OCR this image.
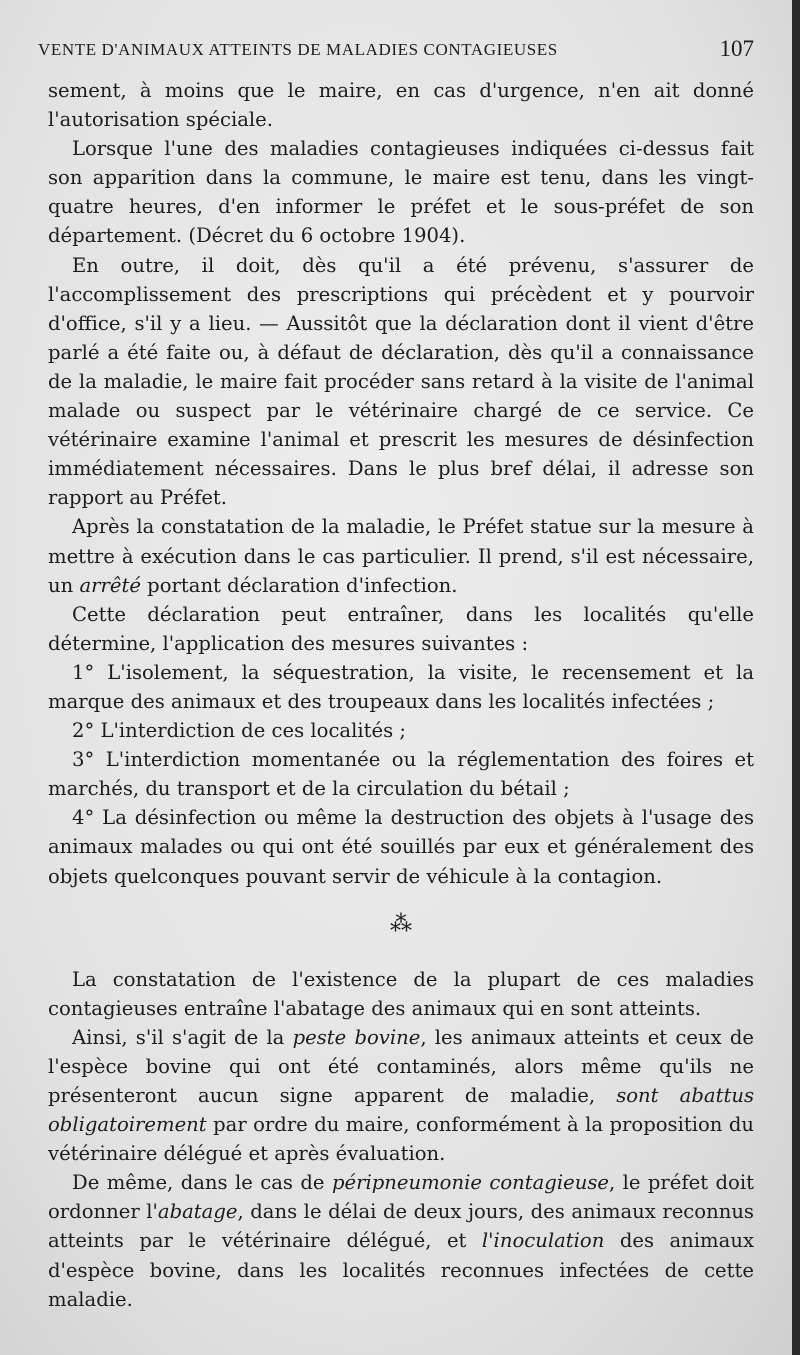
VENTE D'ANIMAUX ATTEINTS DE MALADIES CONTAGIEUSES	107

sement, à moins que le maire, en cas d'urgence, n'en ait donné l'autorisation spéciale.

Lorsque l'une des maladies contagieuses indiquées ci-dessus fait son apparition dans la commune, le maire est tenu, dans les vingt-quatre heures, d'en informer le préfet et le sous-préfet de son département. (Décret du 6 octobre 1904).

En outre, il doit, dès qu'il a été prévenu, s'assurer de l'accomplissement des prescriptions qui précèdent et y pourvoir d'office, s'il y a lieu. — Aussitôt que la déclaration dont il vient d'être parlé a été faite ou, à défaut de déclaration, dès qu'il a connaissance de la maladie, le maire fait procéder sans retard à la visite de l'animal malade ou suspect par le vétérinaire chargé de ce service. Ce vétérinaire examine l'animal et prescrit les mesures de désinfection immédiatement nécessaires. Dans le plus bref délai, il adresse son rapport au Préfet.

Après la constatation de la maladie, le Préfet statue sur la mesure à mettre à exécution dans le cas particulier. Il prend, s'il est nécessaire, un arrêté portant déclaration d'infection.

Cette déclaration peut entraîner, dans les localités qu'elle détermine, l'application des mesures suivantes :

1° L'isolement, la séquestration, la visite, le recensement et la marque des animaux et des troupeaux dans les localités infectées ;

2° L'interdiction de ces localités ;

3° L'interdiction momentanée ou la réglementation des foires et marchés, du transport et de la circulation du bétail ;

4° La désinfection ou même la destruction des objets à l'usage des animaux malades ou qui ont été souillés par eux et généralement des objets quelconques pouvant servir de véhicule à la contagion.

⁂

La constatation de l'existence de la plupart de ces maladies contagieuses entraîne l'abatage des animaux qui en sont atteints.

Ainsi, s'il s'agit de la peste bovine, les animaux atteints et ceux de l'espèce bovine qui ont été contaminés, alors même qu'ils ne présenteront aucun signe apparent de maladie, sont abattus obligatoirement par ordre du maire, conformément à la proposition du vétérinaire délégué et après évaluation.

De même, dans le cas de péripneumonie contagieuse, le préfet doit ordonner l'abatage, dans le délai de deux jours, des animaux reconnus atteints par le vétérinaire délégué, et l'inoculation des animaux d'espèce bovine, dans les localités reconnues infectées de cette maladie.
